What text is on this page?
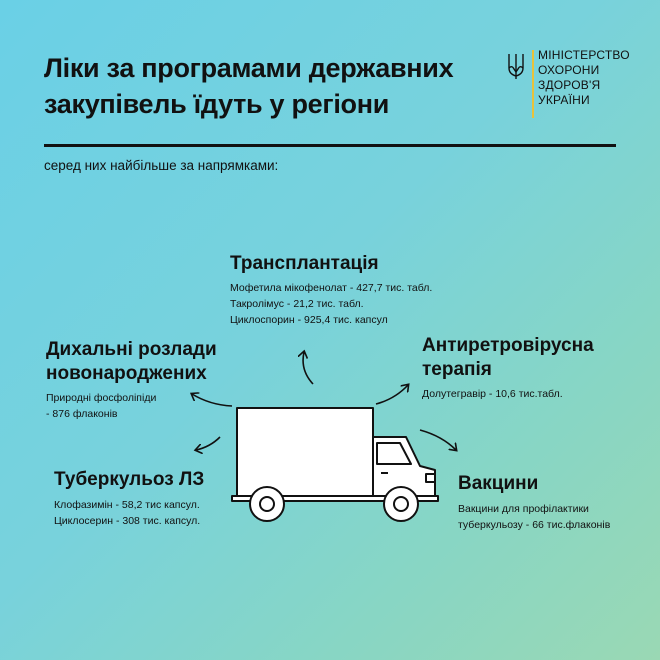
Ліки за програмами державних
закупівель їдуть у регіони
МІНІСТЕРСТВО
ОХОРОНИ
ЗДОРОВ'Я
УКРАЇНИ
серед них найбільше за напрямками:
Трансплантація
Мофетила мікофенолат - 427,7 тис. табл.
Такролімус - 21,2 тис. табл.
Циклоспорин - 925,4 тис. капсул
Дихальні розлади
новонароджених
Природні фосфоліпіди
- 876 флаконів
Антиретровірусна
терапія
Долутегравір - 10,6 тис.табл.
Туберкульоз ЛЗ
Клофазимін - 58,2 тис капсул.
Циклосерин - 308 тис. капсул.
Вакцини
Вакцини для профілактики
туберкульозу - 66 тис.флаконів
